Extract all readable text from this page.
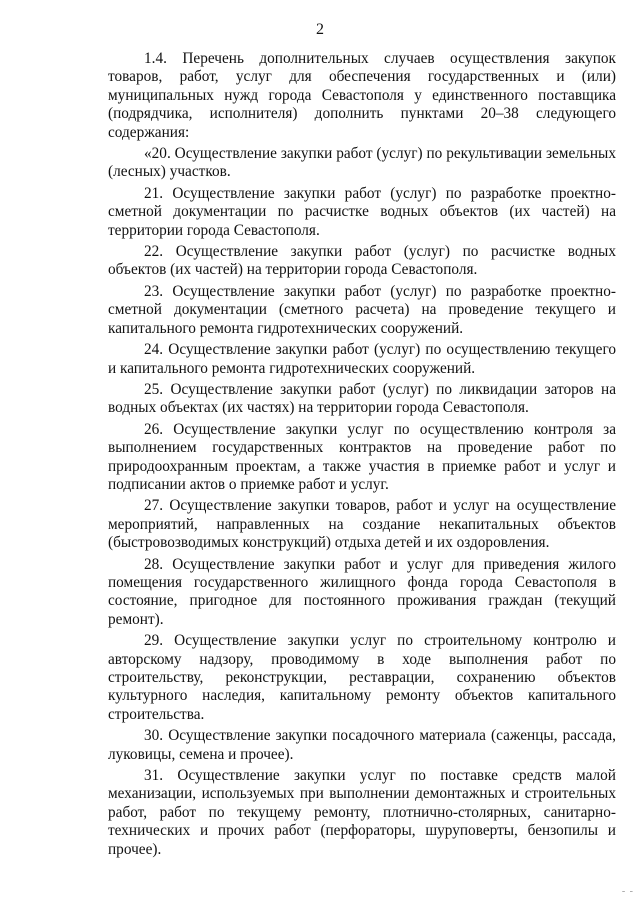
2

1.4. Перечень дополнительных случаев осуществления закупок товаров, работ, услуг для обеспечения государственных и (или) муниципальных нужд города Севастополя у единственного поставщика (подрядчика, исполнителя) дополнить пунктами 20–38 следующего содержания:

«20. Осуществление закупки работ (услуг) по рекультивации земельных (лесных) участков.

21. Осуществление закупки работ (услуг) по разработке проектно-сметной документации по расчистке водных объектов (их частей) на территории города Севастополя.

22. Осуществление закупки работ (услуг) по расчистке водных объектов (их частей) на территории города Севастополя.

23. Осуществление закупки работ (услуг) по разработке проектно-сметной документации (сметного расчета) на проведение текущего и капитального ремонта гидротехнических сооружений.

24. Осуществление закупки работ (услуг) по осуществлению текущего и капитального ремонта гидротехнических сооружений.

25. Осуществление закупки работ (услуг) по ликвидации заторов на водных объектах (их частях) на территории города Севастополя.

26. Осуществление закупки услуг по осуществлению контроля за выполнением государственных контрактов на проведение работ по природоохранным проектам, а также участия в приемке работ и услуг и подписании актов о приемке работ и услуг.

27. Осуществление закупки товаров, работ и услуг на осуществление мероприятий, направленных на создание некапитальных объектов (быстровозводимых конструкций) отдыха детей и их оздоровления.

28. Осуществление закупки работ и услуг для приведения жилого помещения государственного жилищного фонда города Севастополя в состояние, пригодное для постоянного проживания граждан (текущий ремонт).

29. Осуществление закупки услуг по строительному контролю и авторскому надзору, проводимому в ходе выполнения работ по строительству, реконструкции, реставрации, сохранению объектов культурного наследия, капитальному ремонту объектов капитального строительства.

30. Осуществление закупки посадочного материала (саженцы, рассада, луковицы, семена и прочее).

31. Осуществление закупки услуг по поставке средств малой механизации, используемых при выполнении демонтажных и строительных работ, работ по текущему ремонту, плотнично-столярных, санитарно-технических и прочих работ (перфораторы, шуруповерты, бензопилы и прочее).

- -
